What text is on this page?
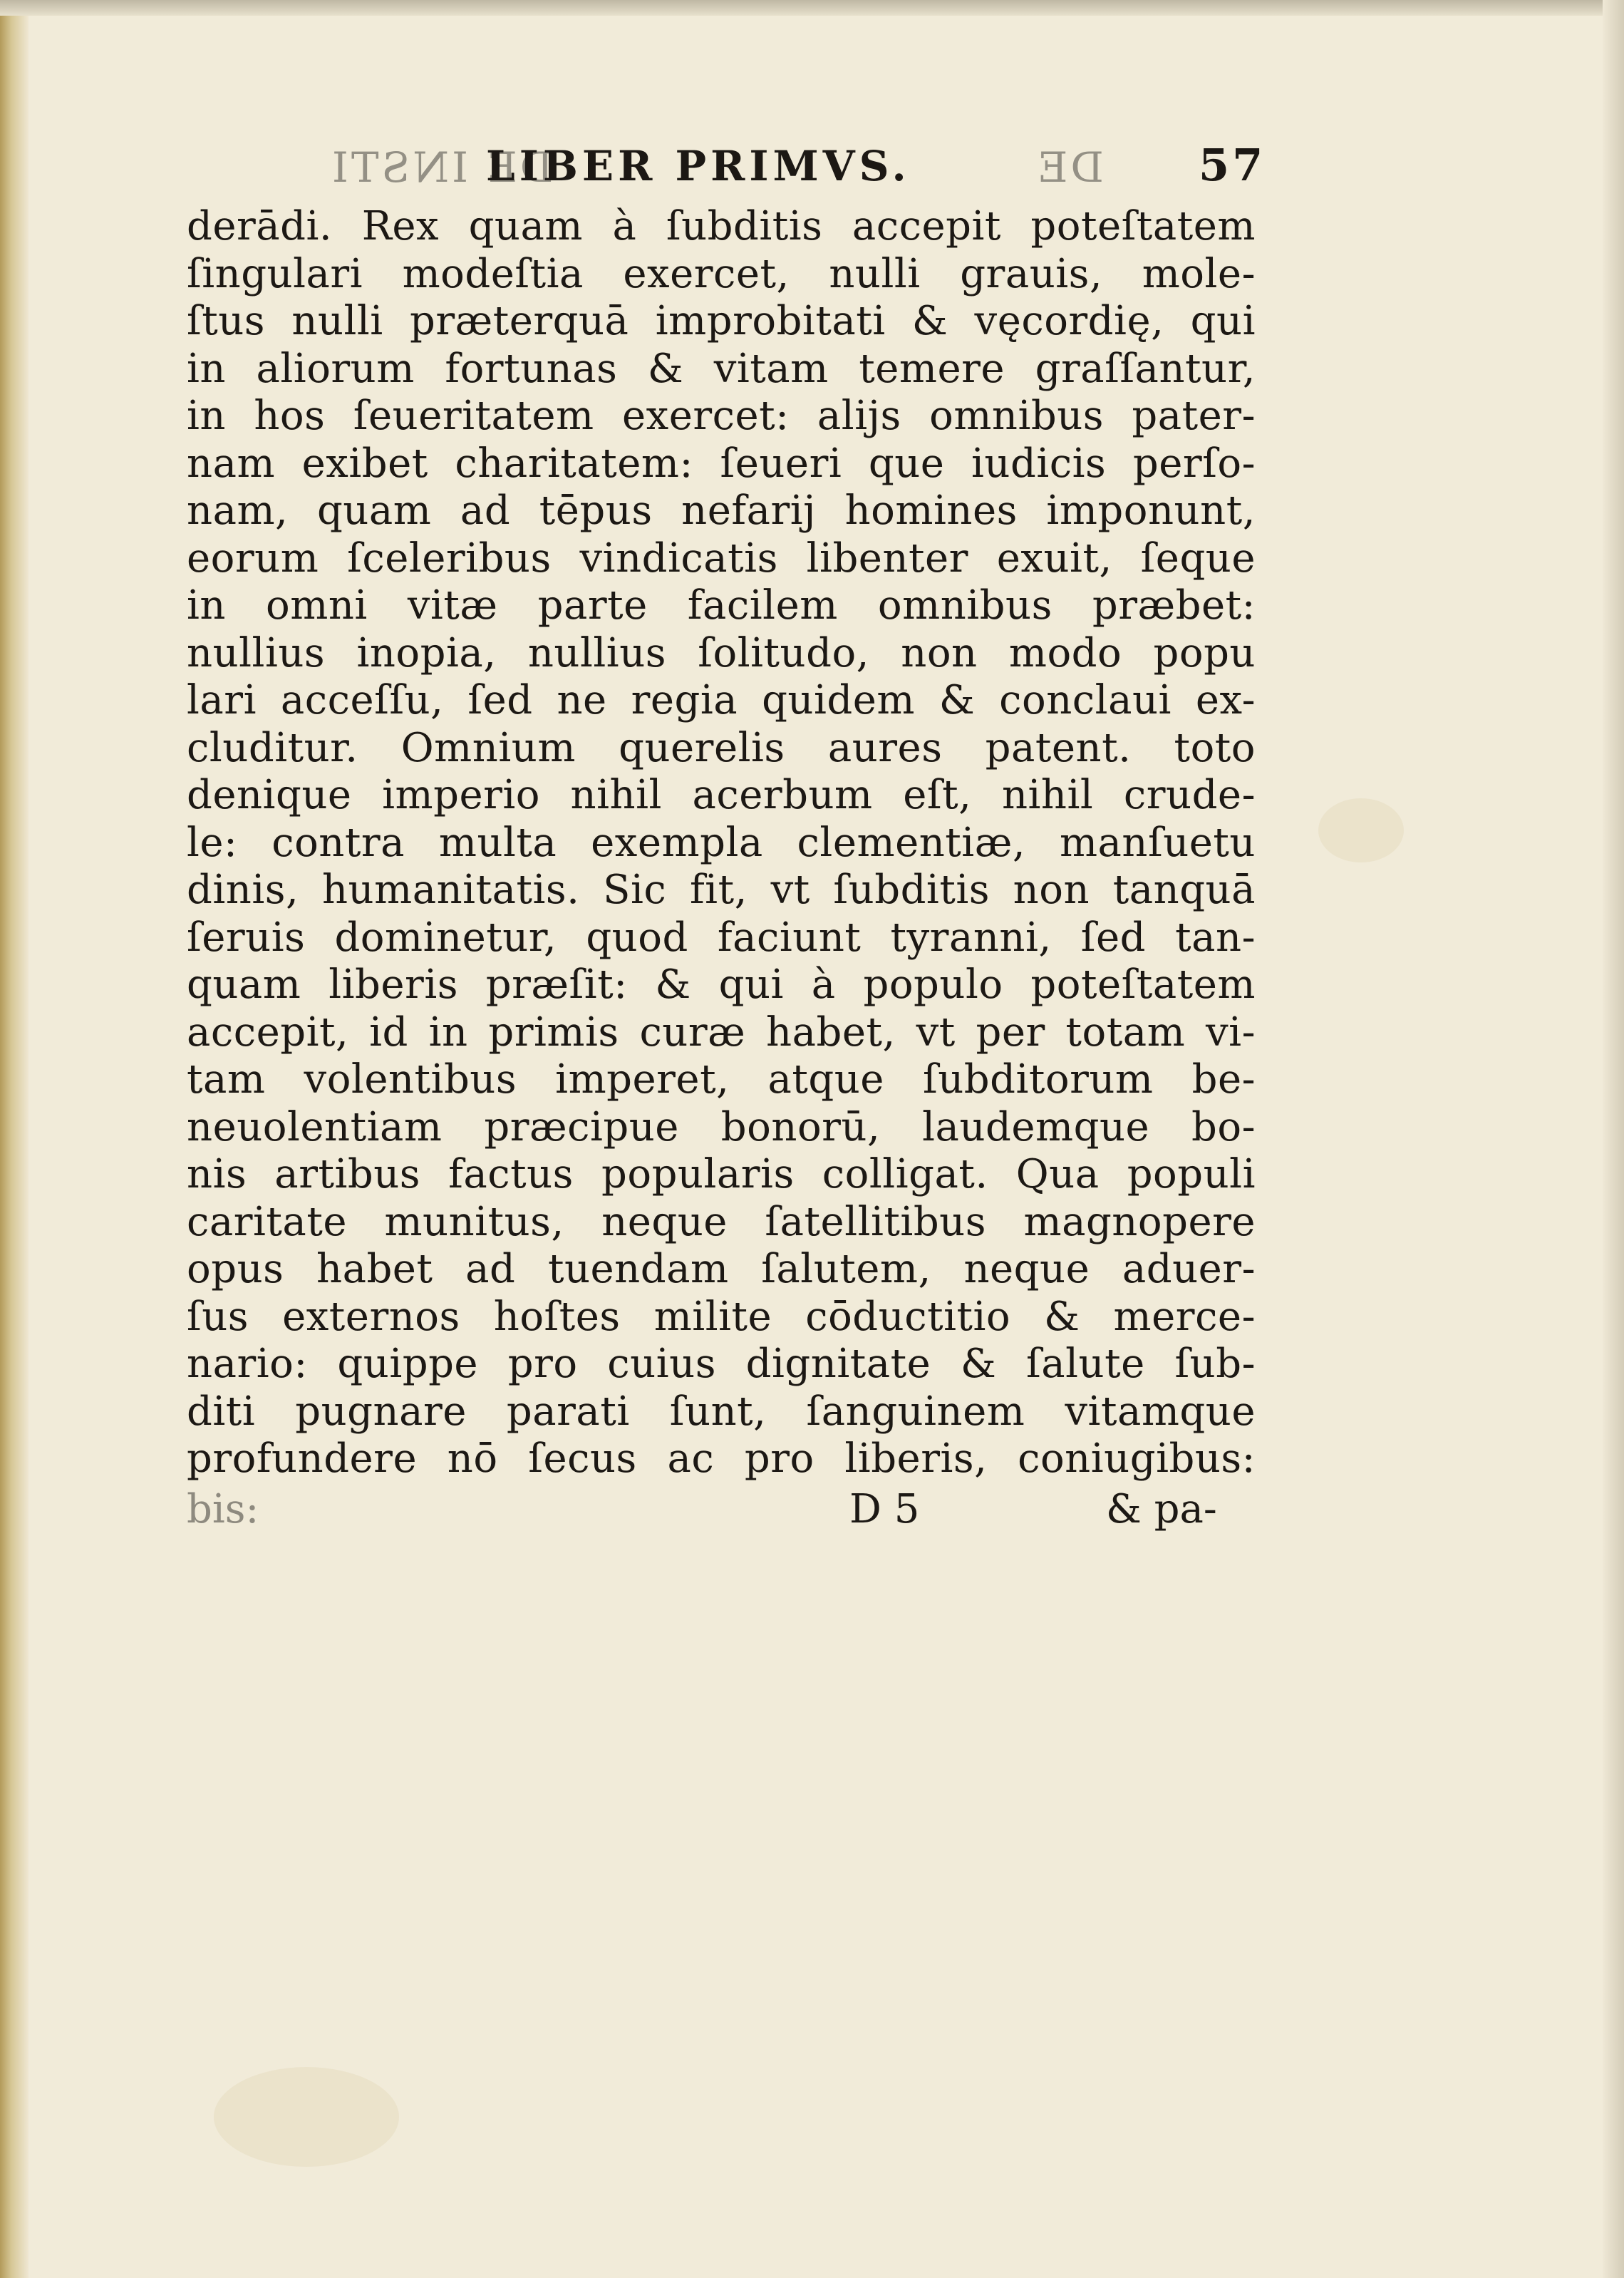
DE INSTI
LIBER PRIMVS.	DE 57
derādi. Rex quam à ſubditis accepit poteſtatem
ſingulari modeſtia exercet, nulli grauis, mole-
ſtus nulli præterquā improbitati & vęcordię, qui
in aliorum fortunas & vitam temere graſſantur,
in hos ſeueritatem exercet: alijs omnibus pater-
nam exibet charitatem: ſeueri que iudicis perſo-
nam, quam ad tēpus nefarij homines imponunt,
eorum ſceleribus vindicatis libenter exuit, ſeque
in omni vitæ parte facilem omnibus præbet:
nullius inopia, nullius ſolitudo, non modo popu
lari acceſſu, ſed ne regia quidem & conclaui ex-
cluditur. Omnium querelis aures patent. toto
denique imperio nihil acerbum eſt, nihil crude-
le: contra multa exempla clementiæ, manſuetu
dinis, humanitatis. Sic fit, vt ſubditis non tanquā
ſeruis dominetur, quod faciunt tyranni, ſed tan-
quam liberis præſit: & qui à populo poteſtatem
accepit, id in primis curæ habet, vt per totam vi-
tam volentibus imperet, atque ſubditorum be-
neuolentiam præcipue bonorū, laudemque bo-
nis artibus factus popularis colligat. Qua populi
caritate munitus, neque ſatellitibus magnopere
opus habet ad tuendam ſalutem, neque aduer-
ſus externos hoſtes milite cōductitio & merce-
nario: quippe pro cuius dignitate & ſalute ſub-
diti pugnare parati ſunt, ſanguinem vitamque
profundere nō ſecus ac pro liberis, coniugibus:
bis:	D 5	& pa-
